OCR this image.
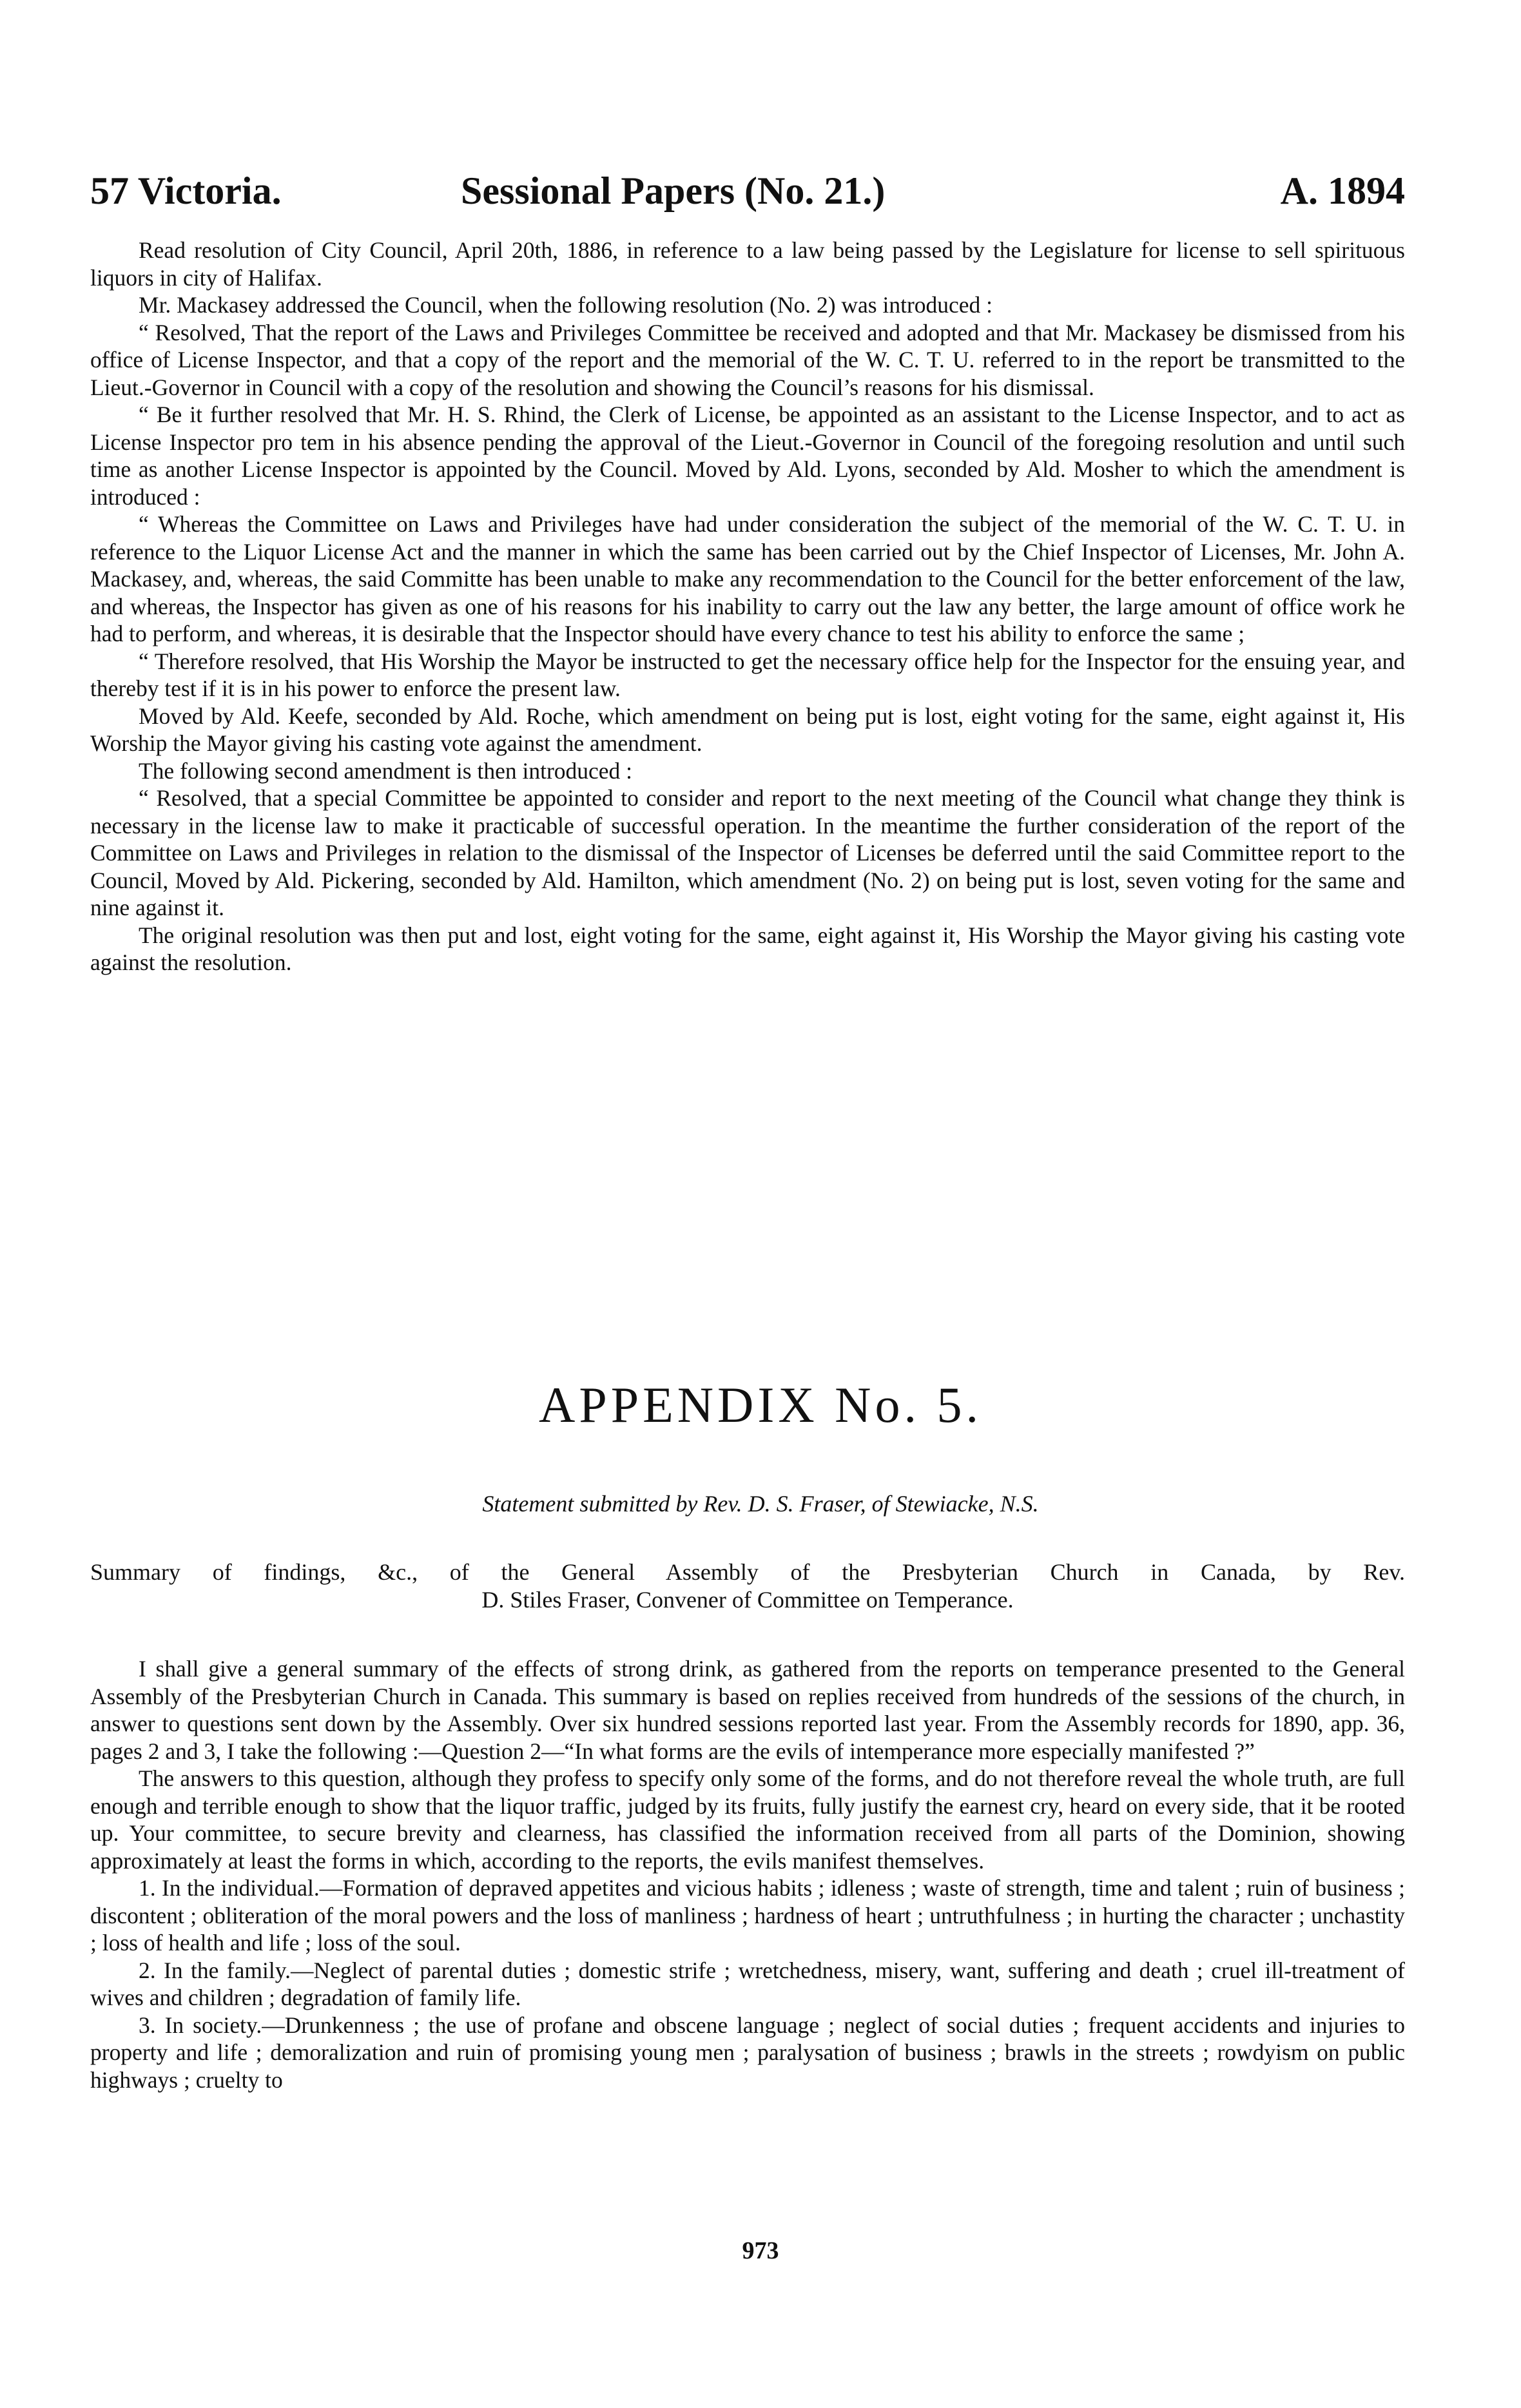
57 Victoria.	Sessional Papers (No. 21.)	A. 1894

Read resolution of City Council, April 20th, 1886, in reference to a law being passed by the Legislature for license to sell spirituous liquors in city of Halifax.

Mr. Mackasey addressed the Council, when the following resolution (No. 2) was introduced :

“ Resolved, That the report of the Laws and Privileges Committee be received and adopted and that Mr. Mackasey be dismissed from his office of License Inspector, and that a copy of the report and the memorial of the W. C. T. U. referred to in the report be transmitted to the Lieut.-Governor in Council with a copy of the resolution and showing the Council’s reasons for his dismissal.

“ Be it further resolved that Mr. H. S. Rhind, the Clerk of License, be appointed as an assistant to the License Inspector, and to act as License Inspector pro tem in his absence pending the approval of the Lieut.-Governor in Council of the foregoing resolution and until such time as another License Inspector is appointed by the Council. Moved by Ald. Lyons, seconded by Ald. Mosher to which the amendment is introduced :

“ Whereas the Committee on Laws and Privileges have had under consideration the subject of the memorial of the W. C. T. U. in reference to the Liquor License Act and the manner in which the same has been carried out by the Chief Inspector of Licenses, Mr. John A. Mackasey, and, whereas, the said Committe has been unable to make any recommendation to the Council for the better enforcement of the law, and whereas, the Inspector has given as one of his reasons for his inability to carry out the law any better, the large amount of office work he had to perform, and whereas, it is desirable that the Inspector should have every chance to test his ability to enforce the same ;

“ Therefore resolved, that His Worship the Mayor be instructed to get the necessary office help for the Inspector for the ensuing year, and thereby test if it is in his power to enforce the present law.

Moved by Ald. Keefe, seconded by Ald. Roche, which amendment on being put is lost, eight voting for the same, eight against it, His Worship the Mayor giving his casting vote against the amendment.

The following second amendment is then introduced :

“ Resolved, that a special Committee be appointed to consider and report to the next meeting of the Council what change they think is necessary in the license law to make it practicable of successful operation. In the meantime the further consideration of the report of the Committee on Laws and Privileges in relation to the dismissal of the Inspector of Licenses be deferred until the said Committee report to the Council, Moved by Ald. Pickering, seconded by Ald. Hamilton, which amendment (No. 2) on being put is lost, seven voting for the same and nine against it.

The original resolution was then put and lost, eight voting for the same, eight against it, His Worship the Mayor giving his casting vote against the resolution.

APPENDIX No. 5.
Statement submitted by Rev. D. S. Fraser, of Stewiacke, N.S.
Summary of findings, &c., of the General Assembly of the Presbyterian Church in Canada, by Rev.
D. Stiles Fraser, Convener of Committee on Temperance.

I shall give a general summary of the effects of strong drink, as gathered from the reports on temperance presented to the General Assembly of the Presbyterian Church in Canada. This summary is based on replies received from hundreds of the sessions of the church, in answer to questions sent down by the Assembly. Over six hundred sessions reported last year. From the Assembly records for 1890, app. 36, pages 2 and 3, I take the following :—Question 2—“In what forms are the evils of intemperance more especially manifested ?”

The answers to this question, although they profess to specify only some of the forms, and do not therefore reveal the whole truth, are full enough and terrible enough to show that the liquor traffic, judged by its fruits, fully justify the earnest cry, heard on every side, that it be rooted up. Your committee, to secure brevity and clearness, has classified the information received from all parts of the Dominion, showing approximately at least the forms in which, according to the reports, the evils manifest themselves.

1. In the individual.—Formation of depraved appetites and vicious habits ; idleness ; waste of strength, time and talent ; ruin of business ; discontent ; obliteration of the moral powers and the loss of manliness ; hardness of heart ; untruthfulness ; in hurting the character ; unchastity ; loss of health and life ; loss of the soul.

2. In the family.—Neglect of parental duties ; domestic strife ; wretchedness, misery, want, suffering and death ; cruel ill-treatment of wives and children ; degradation of family life.

3. In society.—Drunkenness ; the use of profane and obscene language ; neglect of social duties ; frequent accidents and injuries to property and life ; demoralization and ruin of promising young men ; paralysation of business ; brawls in the streets ; rowdyism on public highways ; cruelty to

973
